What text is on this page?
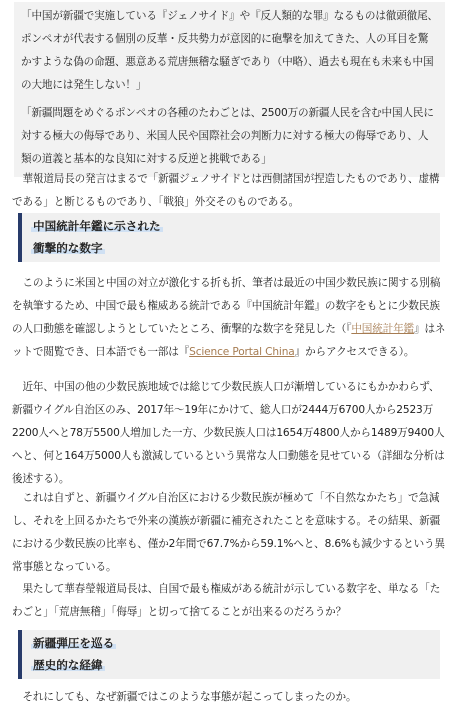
「中国が新疆で実施している『ジェノサイド』や『反人類的な罪』なるものは徹頭徹尾、ポンペオが代表する個別の反華・反共勢力が意図的に砲撃を加えてきた、人の耳目を驚かすような偽の命題、悪意ある荒唐無稽な騒ぎであり（中略）、過去も現在も未来も中国の大地には発生しない！」

「新疆問題をめぐるポンペオの各種のたわごとは、2500万の新疆人民を含む中国人民に対する極大の侮辱であり、米国人民や国際社会の判断力に対する極大の侮辱であり、人類の道義と基本的な良知に対する反逆と挑戦である」

　華報道局長の発言はまるで「新疆ジェノサイドとは西側諸国が捏造したものであり、虚構である」と断じるものであり、「戦狼」外交そのものである。

中国統計年鑑に示された
衝撃的な数字

　このように米国と中国の対立が激化する折も折、筆者は最近の中国少数民族に関する別稿を執筆するため、中国で最も権威ある統計である『中国統計年鑑』の数字をもとに少数民族の人口動態を確認しようとしていたところ、衝撃的な数字を発見した（『中国統計年鑑』はネットで閲覧でき、日本語でも一部は『Science Portal China』からアクセスできる）。

　近年、中国の他の少数民族地域では総じて少数民族人口が漸増しているにもかかわらず、新疆ウイグル自治区のみ、2017年〜19年にかけて、総人口が2444万6700人から2523万2200人へと78万5500人増加した一方、少数民族人口は1654万4800人から1489万9400人へと、何と164万5000人も激減しているという異常な人口動態を見せている（詳細な分析は後述する）。

　これは自ずと、新疆ウイグル自治区における少数民族が極めて「不自然なかたち」で急減し、それを上回るかたちで外来の漢族が新疆に補充されたことを意味する。その結果、新疆における少数民族の比率も、僅か2年間で67.7%から59.1%へと、8.6%も減少するという異常事態となっている。

　果たして華春瑩報道局長は、自国で最も権威がある統計が示している数字を、単なる「たわごと」「荒唐無稽」「侮辱」と切って捨てることが出来るのだろうか？

新疆弾圧を巡る
歴史的な経緯

　それにしても、なぜ新疆ではこのような事態が起こってしまったのか。
